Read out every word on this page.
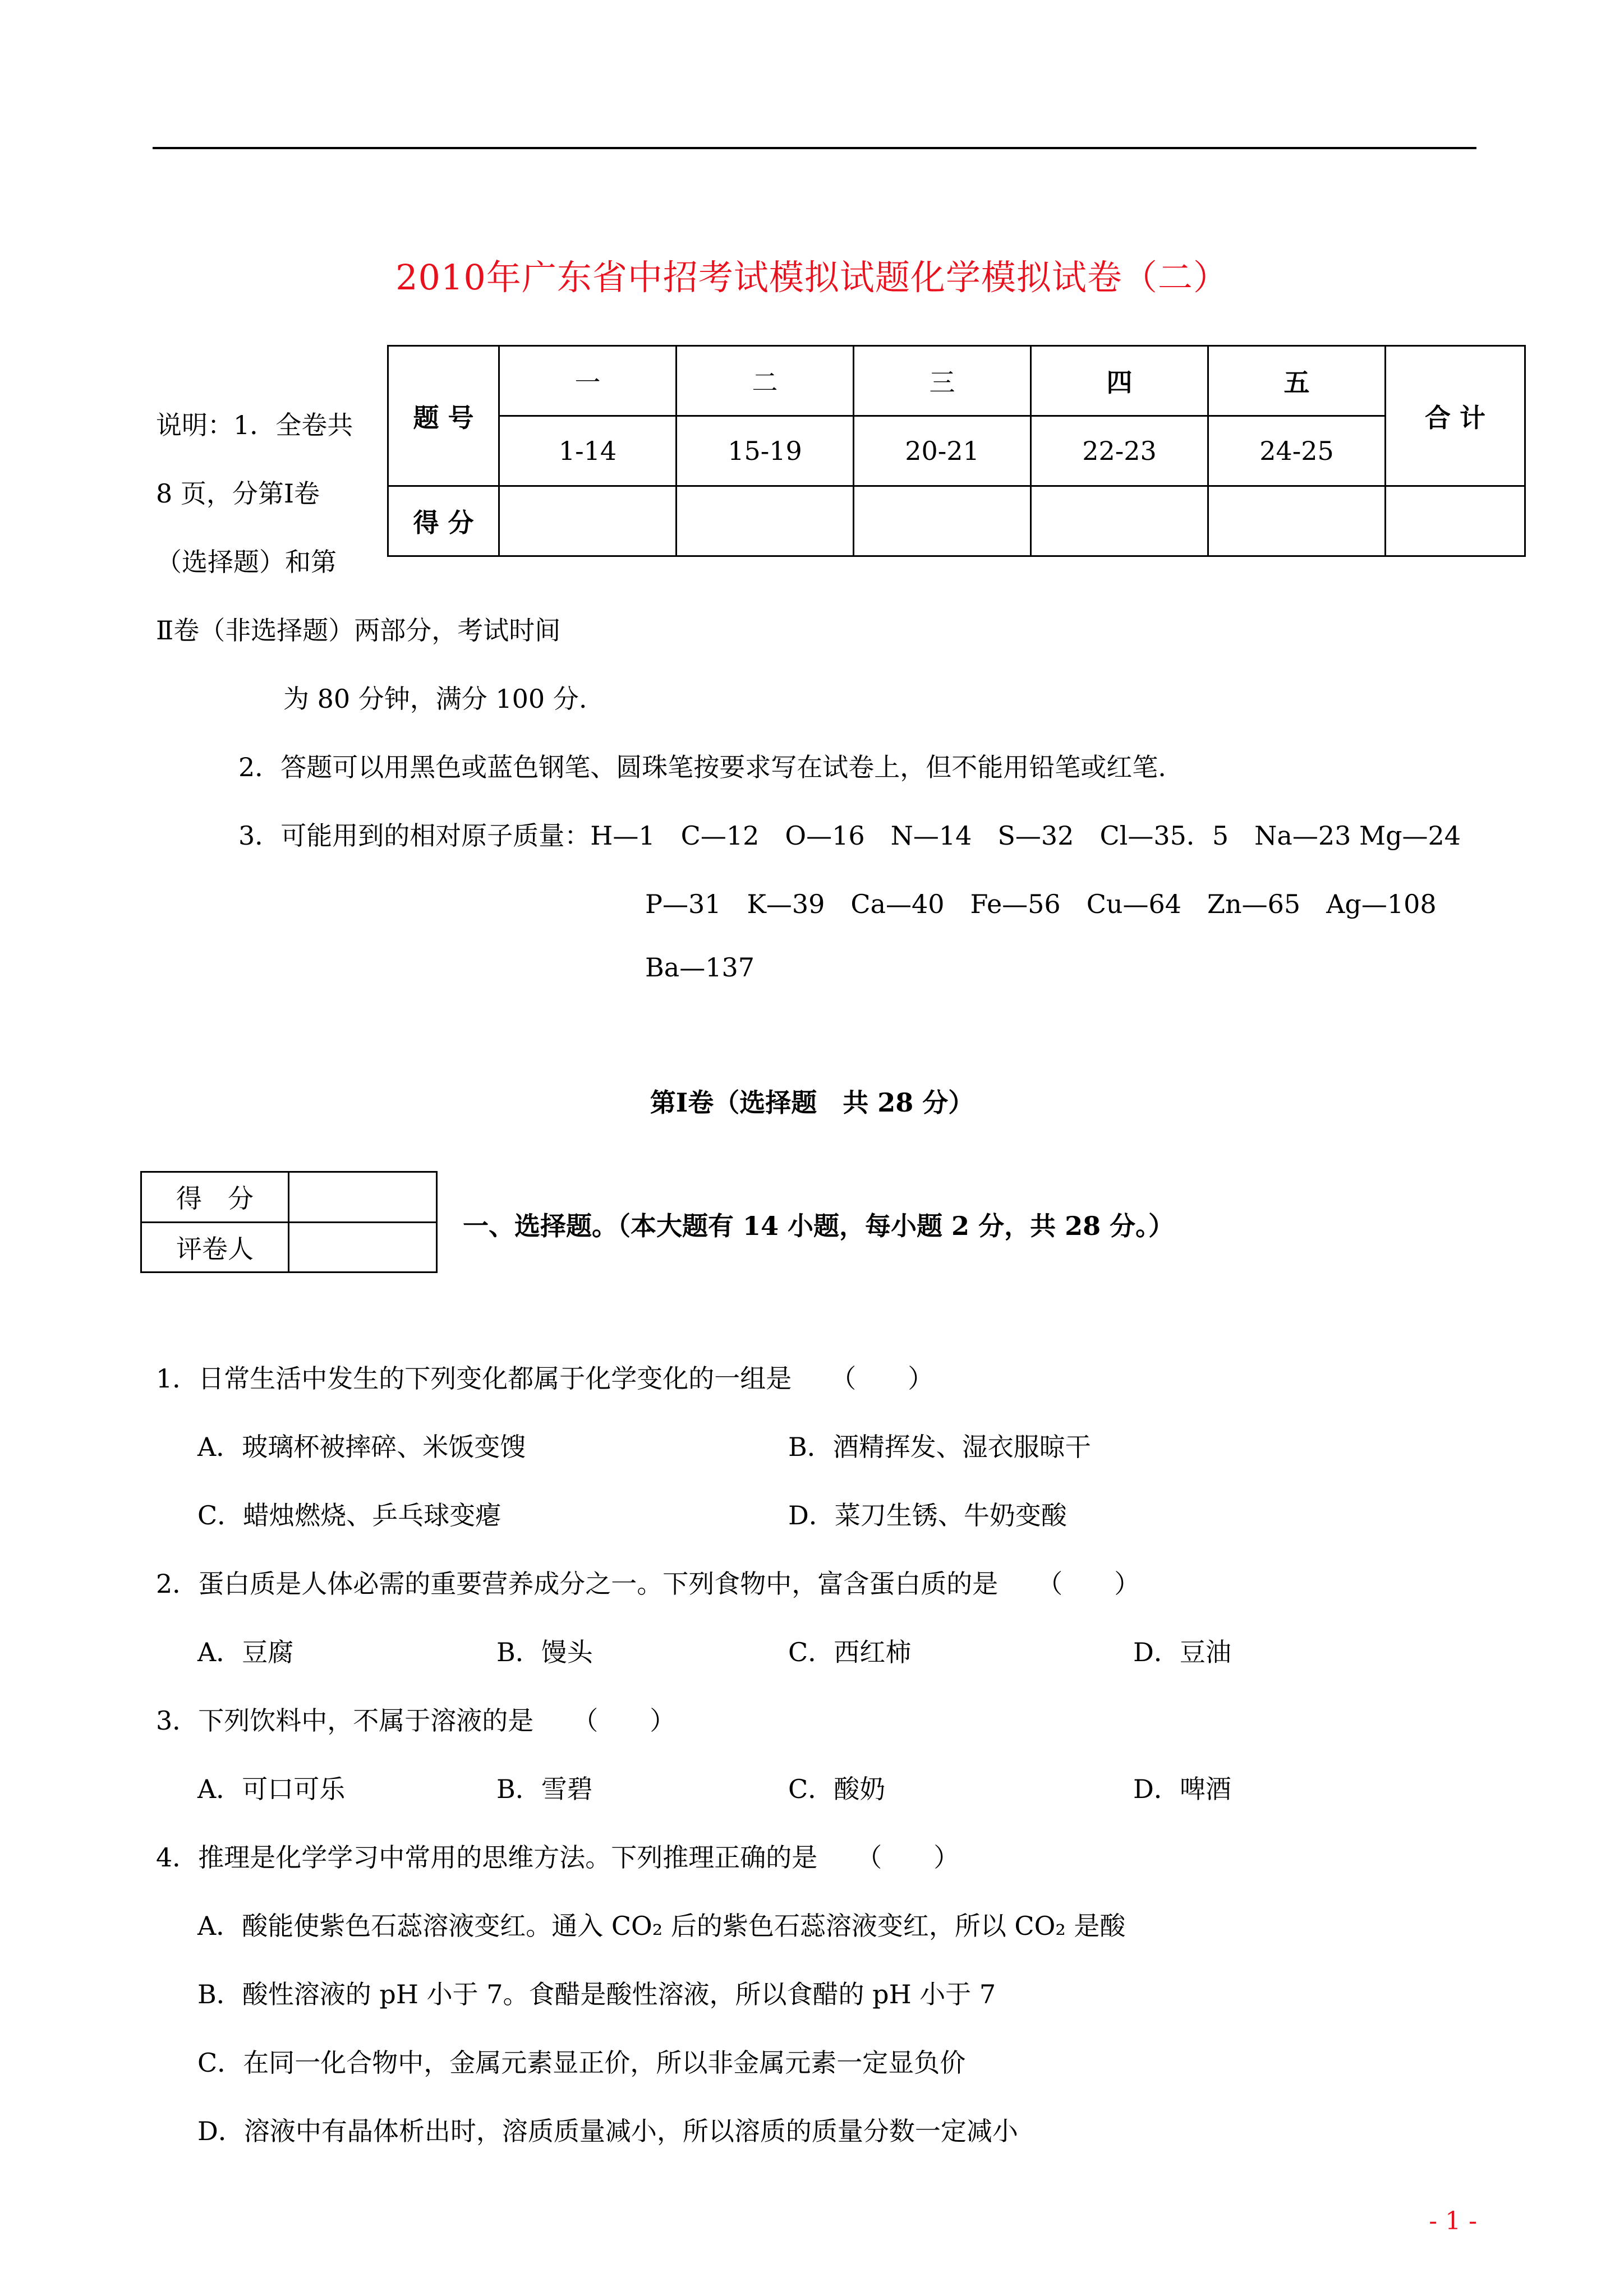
2010年广东省中招考试模拟试题化学模拟试卷（二）
题 号	一	二	三	四	五	合 计
	1-14	15-19	20-21	22-23	24-25	
得 分						
说明：1．全卷共
8 页，分第Ⅰ卷
（选择题）和第
Ⅱ卷（非选择题）两部分，考试时间
为 80 分钟，满分 100 分.
2．答题可以用黑色或蓝色钢笔、圆珠笔按要求写在试卷上，但不能用铅笔或红笔.
3．可能用到的相对原子质量：H—1　C—12　O—16　N—14　S—32　Cl—35．5　Na—23 Mg—24
P—31　K—39　Ca—40　Fe—56　Cu—64　Zn—65　Ag—108
Ba—137
第Ⅰ卷（选择题　共 28 分）
得　分	
评卷人	
一、选择题。（本大题有 14 小题，每小题 2 分，共 28 分。）
1．日常生活中发生的下列变化都属于化学变化的一组是　　（　　）
A．玻璃杯被摔碎、米饭变馊	B．酒精挥发、湿衣服晾干
C．蜡烛燃烧、乒乓球变瘪	D．菜刀生锈、牛奶变酸
2．蛋白质是人体必需的重要营养成分之一。下列食物中，富含蛋白质的是　　（　　）
A．豆腐	B．馒头	C．西红柿	D．豆油
3．下列饮料中，不属于溶液的是　　（　　）
A．可口可乐	B．雪碧	C．酸奶	D．啤酒
4．推理是化学学习中常用的思维方法。下列推理正确的是　　（　　）
A．酸能使紫色石蕊溶液变红。通入 CO₂ 后的紫色石蕊溶液变红，所以 CO₂ 是酸
B．酸性溶液的 pH 小于 7。食醋是酸性溶液，所以食醋的 pH 小于 7
C．在同一化合物中，金属元素显正价，所以非金属元素一定显负价
D．溶液中有晶体析出时，溶质质量减小，所以溶质的质量分数一定减小
- 1 -
